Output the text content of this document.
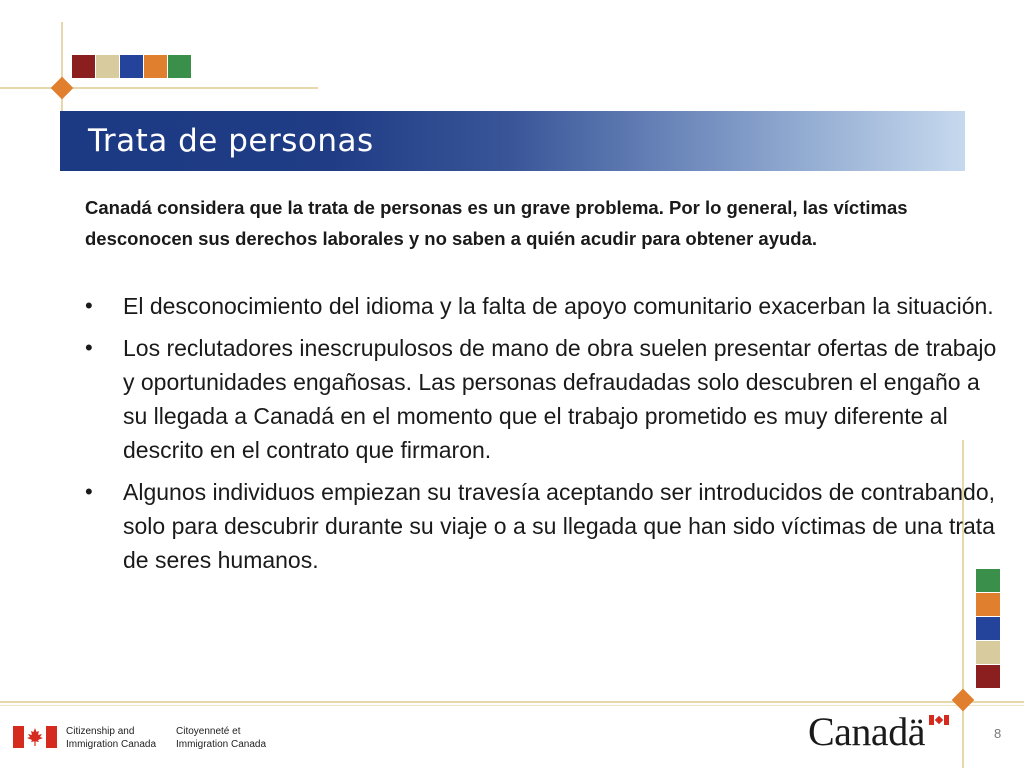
Trata de personas
Canadá considera que la trata de personas es un grave problema. Por lo general, las víctimas desconocen sus derechos laborales y no saben a quién acudir para obtener ayuda.
• El desconocimiento del idioma y la falta de apoyo comunitario exacerban la situación.
• Los reclutadores inescrupulosos de mano de obra suelen presentar ofertas de trabajo y oportunidades engañosas. Las personas defraudadas solo descubren el engaño a su llegada a Canadá en el momento que el trabajo prometido es muy diferente al descrito en el contrato que firmaron.
• Algunos individuos empiezan su travesía aceptando ser introducidos de contrabando, solo para descubrir durante su viaje o a su llegada que han sido víctimas de una trata de seres humanos.
Citizenship and
Immigration Canada
Citoyenneté et
Immigration Canada	Canadä	8
